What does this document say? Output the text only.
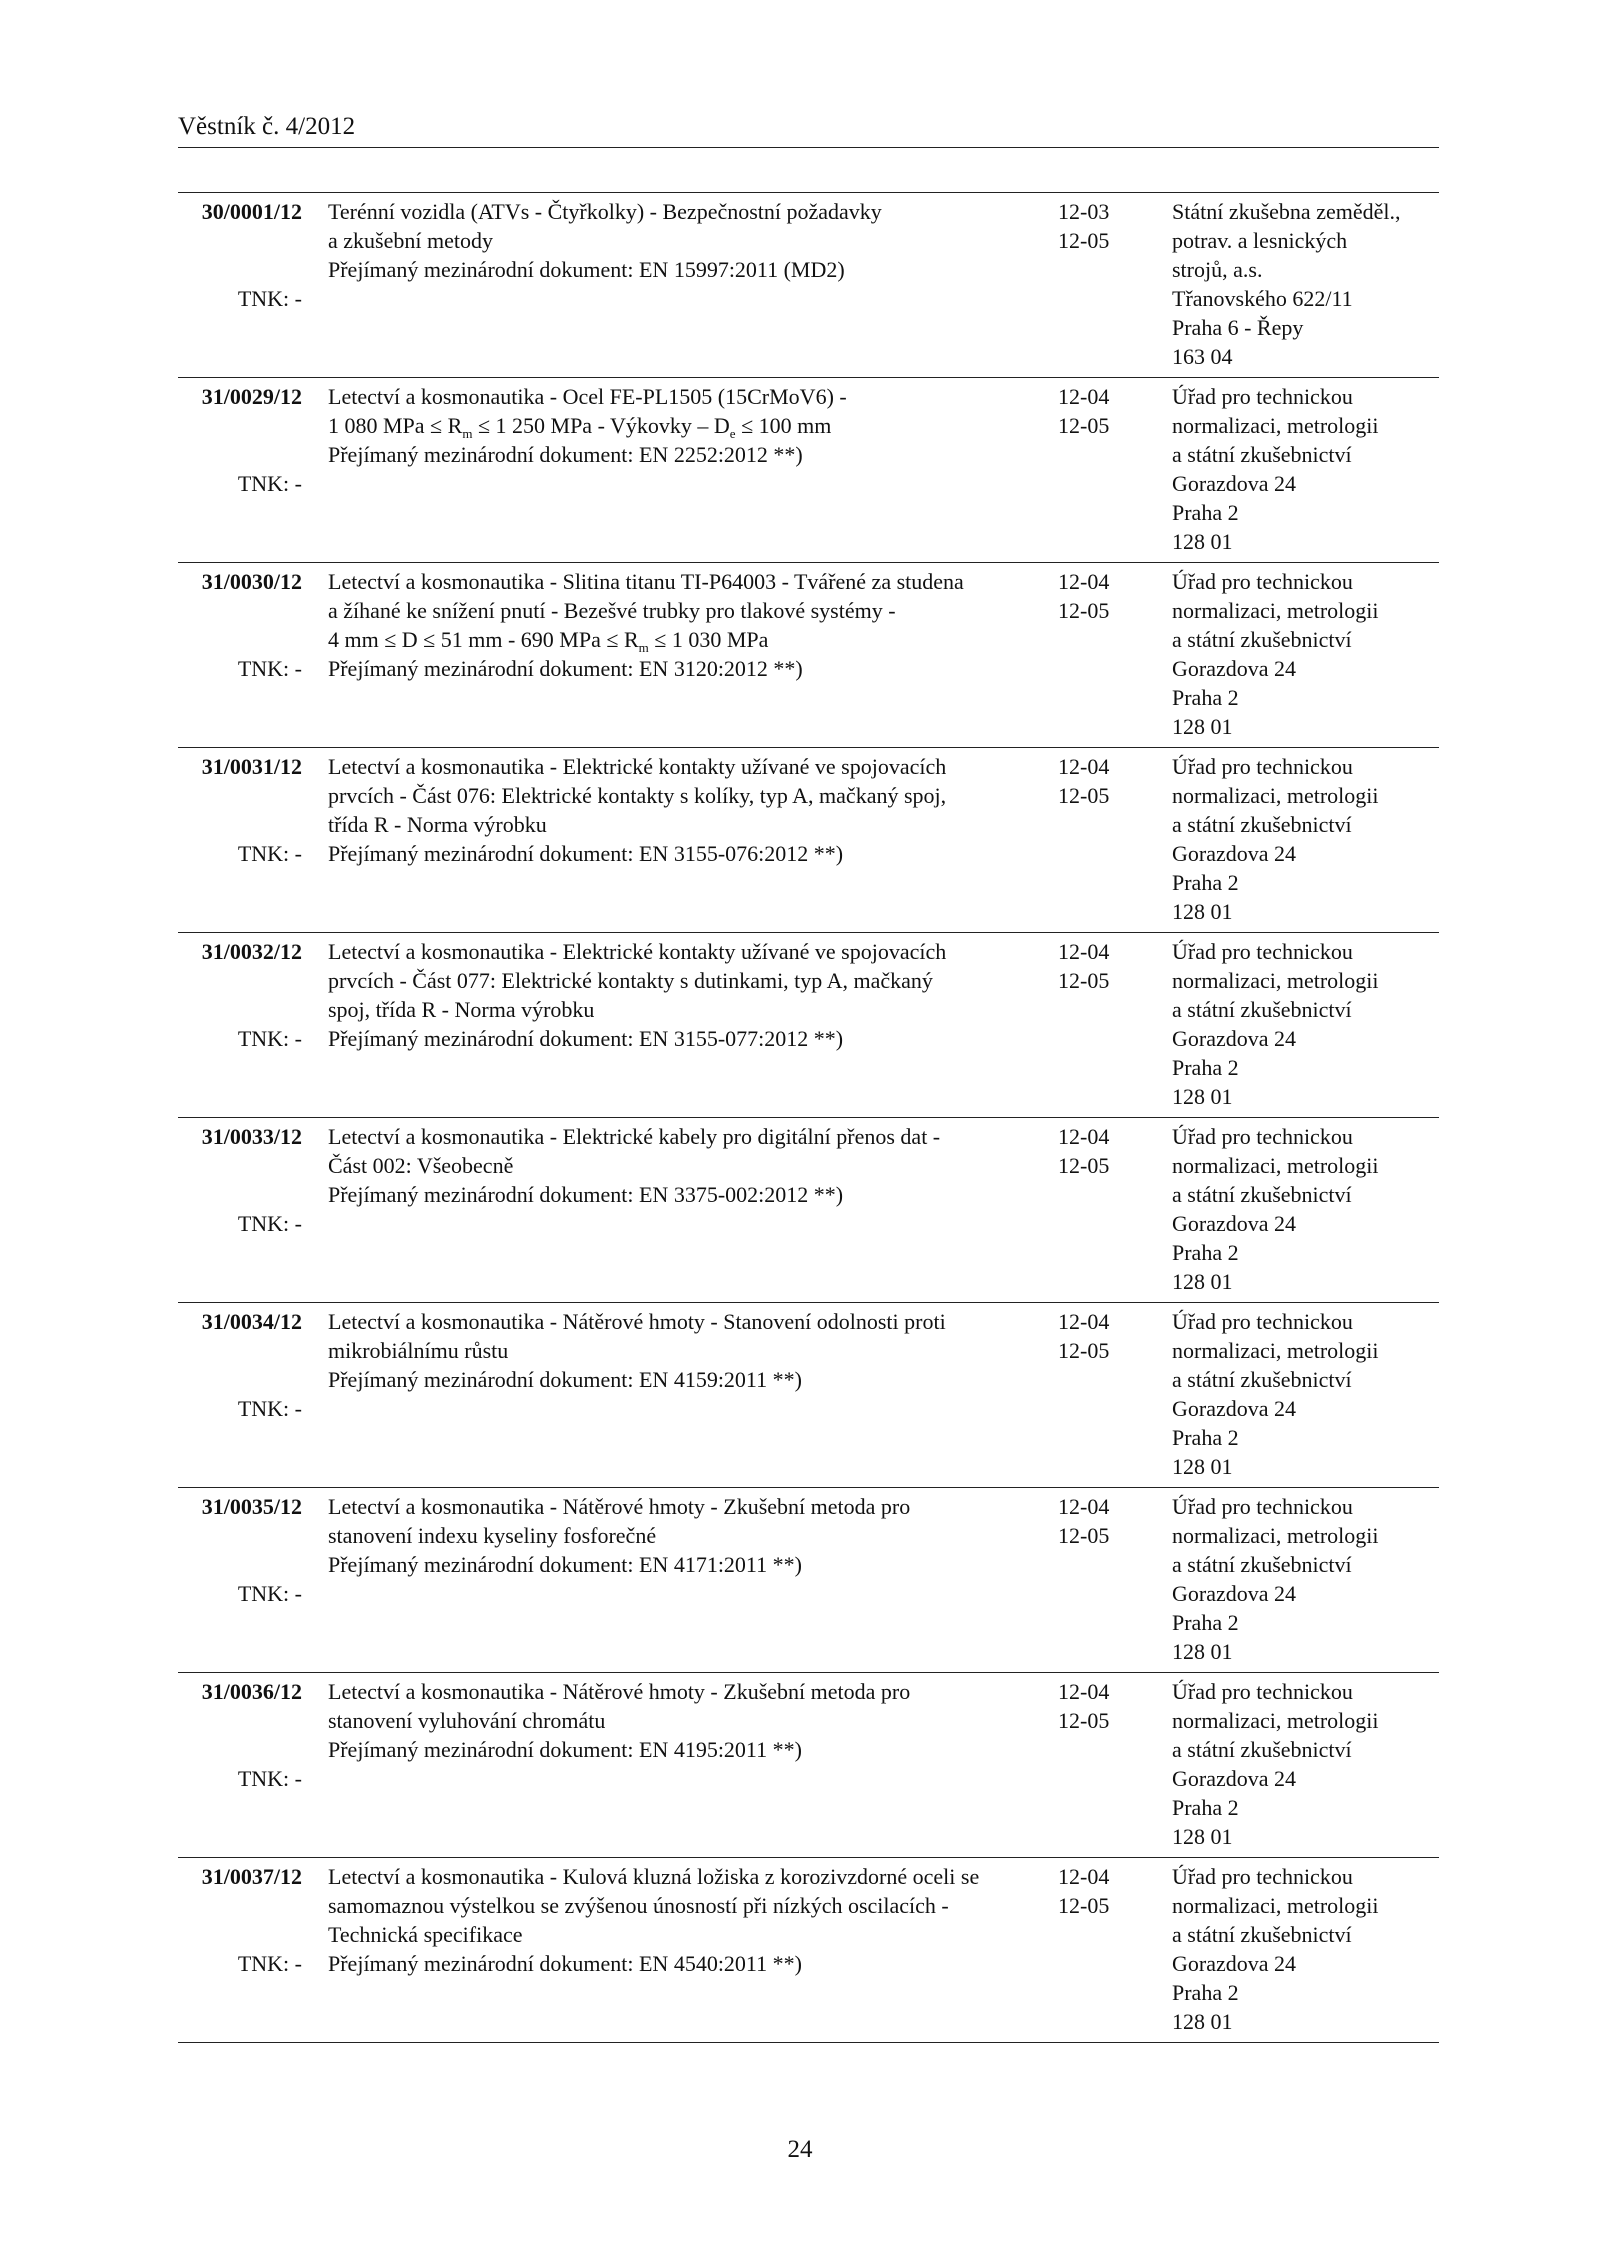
Věstník č. 4/2012
30/0001/12
TNK: -
Terénní vozidla (ATVs - Čtyřkolky) - Bezpečnostní požadavky
a zkušební metody
Přejímaný mezinárodní dokument: EN 15997:2011 (MD2)
12-03
12-05
Státní zkušebna zeměděl.,
potrav. a lesnických
strojů, a.s.
Třanovského 622/11
Praha 6 - Řepy
163 04
31/0029/12
TNK: -
Letectví a kosmonautika - Ocel FE-PL1505 (15CrMoV6) -
1 080 MPa ≤ $R_m \le 1$ 250 MPa - Výkovky – $D_e \le 100$ mm
Přejímaný mezinárodní dokument: EN 2252:2012 **)
12-04
12-05
Úřad pro technickou
normalizaci, metrologii
a státní zkušebnictví
Gorazdova 24
Praha 2
128 01
31/0030/12
TNK: -
Letectví a kosmonautika - Slitina titanu TI-P64003 - Tvářené za studena
a žíhané ke snížení pnutí - Bezešvé trubky pro tlakové systémy -
4 mm ≤ D ≤ 51 mm - 690 MPa ≤ $R_m \le 1$ 030 MPa
Přejímaný mezinárodní dokument: EN 3120:2012 **)
12-04
12-05
Úřad pro technickou
normalizaci, metrologii
a státní zkušebnictví
Gorazdova 24
Praha 2
128 01
31/0031/12
TNK: -
Letectví a kosmonautika - Elektrické kontakty užívané ve spojovacích
prvcích - Část 076: Elektrické kontakty s kolíky, typ A, mačkaný spoj,
třída R - Norma výrobku
Přejímaný mezinárodní dokument: EN 3155-076:2012 **)
12-04
12-05
Úřad pro technickou
normalizaci, metrologii
a státní zkušebnictví
Gorazdova 24
Praha 2
128 01
31/0032/12
TNK: -
Letectví a kosmonautika - Elektrické kontakty užívané ve spojovacích
prvcích - Část 077: Elektrické kontakty s dutinkami, typ A, mačkaný
spoj, třída R - Norma výrobku
Přejímaný mezinárodní dokument: EN 3155-077:2012 **)
12-04
12-05
Úřad pro technickou
normalizaci, metrologii
a státní zkušebnictví
Gorazdova 24
Praha 2
128 01
31/0033/12
TNK: -
Letectví a kosmonautika - Elektrické kabely pro digitální přenos dat -
Část 002: Všeobecně
Přejímaný mezinárodní dokument: EN 3375-002:2012 **)
12-04
12-05
Úřad pro technickou
normalizaci, metrologii
a státní zkušebnictví
Gorazdova 24
Praha 2
128 01
31/0034/12
TNK: -
Letectví a kosmonautika - Nátěrové hmoty - Stanovení odolnosti proti
mikrobiálnímu růstu
Přejímaný mezinárodní dokument: EN 4159:2011 **)
12-04
12-05
Úřad pro technickou
normalizaci, metrologii
a státní zkušebnictví
Gorazdova 24
Praha 2
128 01
31/0035/12
TNK: -
Letectví a kosmonautika - Nátěrové hmoty - Zkušební metoda pro
stanovení indexu kyseliny fosforečné
Přejímaný mezinárodní dokument: EN 4171:2011 **)
12-04
12-05
Úřad pro technickou
normalizaci, metrologii
a státní zkušebnictví
Gorazdova 24
Praha 2
128 01
31/0036/12
TNK: -
Letectví a kosmonautika - Nátěrové hmoty - Zkušební metoda pro
stanovení vyluhování chromátu
Přejímaný mezinárodní dokument: EN 4195:2011 **)
12-04
12-05
Úřad pro technickou
normalizaci, metrologii
a státní zkušebnictví
Gorazdova 24
Praha 2
128 01
31/0037/12
TNK: -
Letectví a kosmonautika - Kulová kluzná ložiska z korozivzdorné oceli se
samomaznou výstelkou se zvýšenou únosností při nízkých oscilacích -
Technická specifikace
Přejímaný mezinárodní dokument: EN 4540:2011 **)
12-04
12-05
Úřad pro technickou
normalizaci, metrologii
a státní zkušebnictví
Gorazdova 24
Praha 2
128 01
24
